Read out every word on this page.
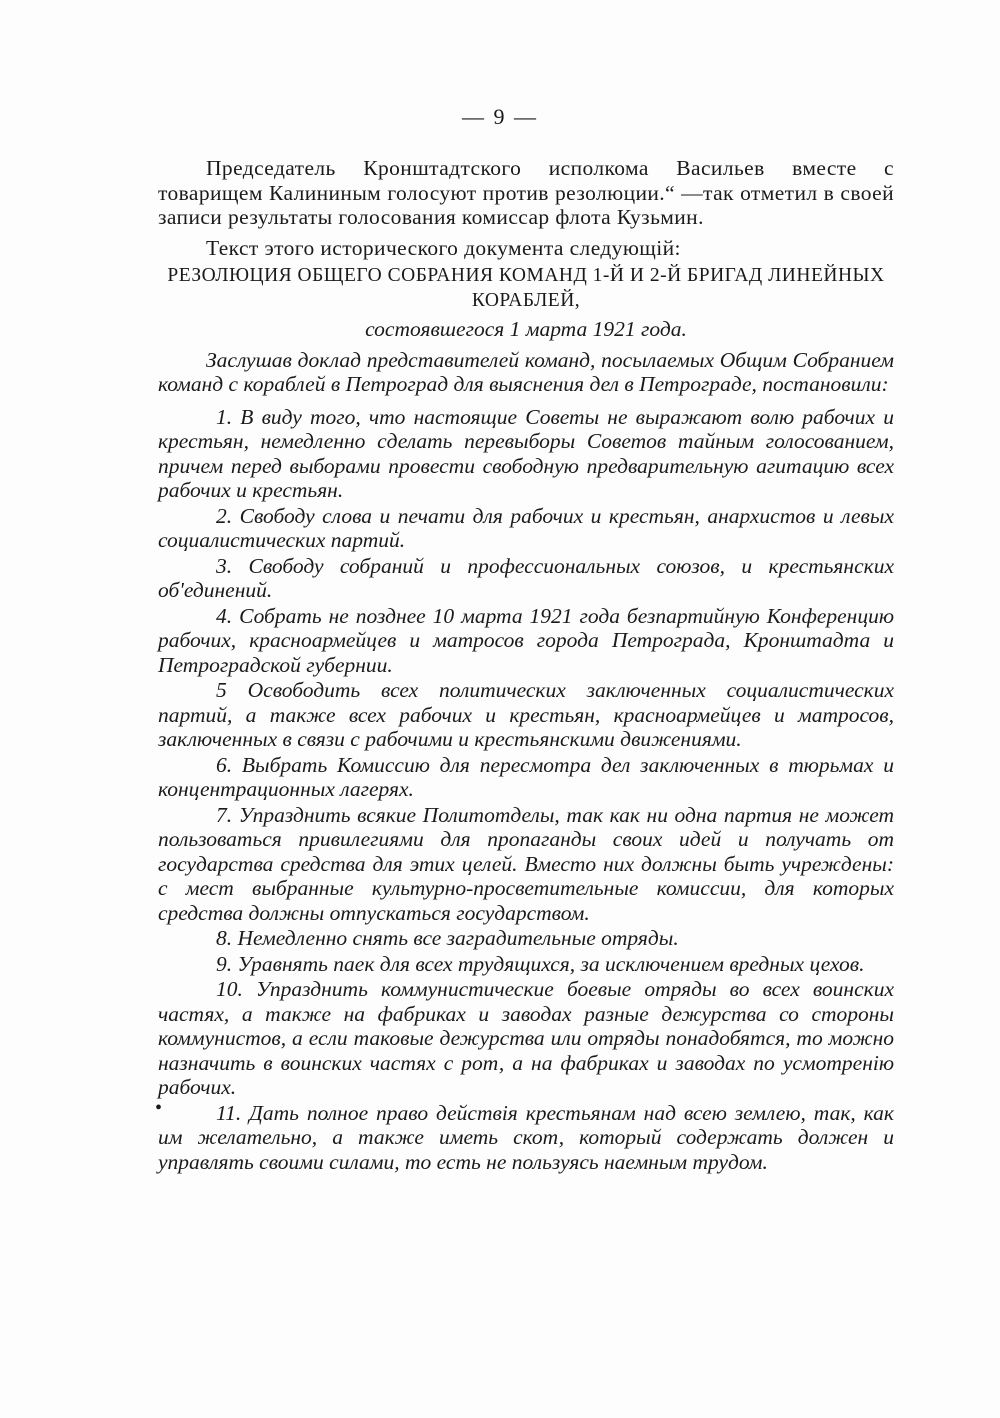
— 9 —

Председатель Кронштадтского исполкома Васильев вместе с товарищем Калининым голосуют против резолюции.“ —так отметил в своей записи результаты голосования комиссар флота Кузьмин.

Текст этого исторического документа следующій:

РЕЗОЛЮЦИЯ ОБЩЕГО СОБРАНИЯ КОМАНД 1-Й И 2-Й БРИГАД ЛИНЕЙНЫХ КОРАБЛЕЙ,

состоявшегося 1 марта 1921 года.

Заслушав доклад представителей команд, посылаемых Общим Собранием команд с кораблей в Петроград для выяснения дел в Петрограде, постановили:

1. В виду того, что настоящие Советы не выражают волю рабочих и крестьян, немедленно сделать перевыборы Советов тайным голосованием, причем перед выборами провести свободную предварительную агитацию всех рабочих и крестьян.

2. Свободу слова и печати для рабочих и крестьян, анархистов и левых социалистических партий.

3. Свободу собраний и профессиональных союзов, и крестьянских об'единений.

4. Собрать не позднее 10 марта 1921 года безпартийную Конференцию рабочих, красноармейцев и матросов города Петрограда, Кронштадта и Петроградской губернии.

5 Освободить всех политических заключенных социалистических партий, а также всех рабочих и крестьян, красноармейцев и матросов, заключенных в связи с рабочими и крестьянскими движениями.

6. Выбрать Комиссию для пересмотра дел заключенных в тюрьмах и концентрационных лагерях.

7. Упразднить всякие Политотделы, так как ни одна партия не может пользоваться привилегиями для пропаганды своих идей и получать от государства средства для этих целей. Вместо них должны быть учреждены: с мест выбранные культурно-просветительные комиссии, для которых средства должны отпускаться государством.

8. Немедленно снять все заградительные отряды.

9. Уравнять паек для всех трудящихся, за исключением вредных цехов.

10. Упразднить коммунистические боевые отряды во всех воинских частях, а также на фабриках и заводах разные дежурства со стороны коммунистов, а если таковые дежурства или отряды понадобятся, то можно назначить в воинских частях с рот, а на фабриках и заводах по усмотренію рабочих.

•	11. Дать полное право действія крестьянам над всею землею, так, как им желательно, а также иметь скот, который содержать должен и управлять своими силами, то есть не пользуясь наемным трудом.
